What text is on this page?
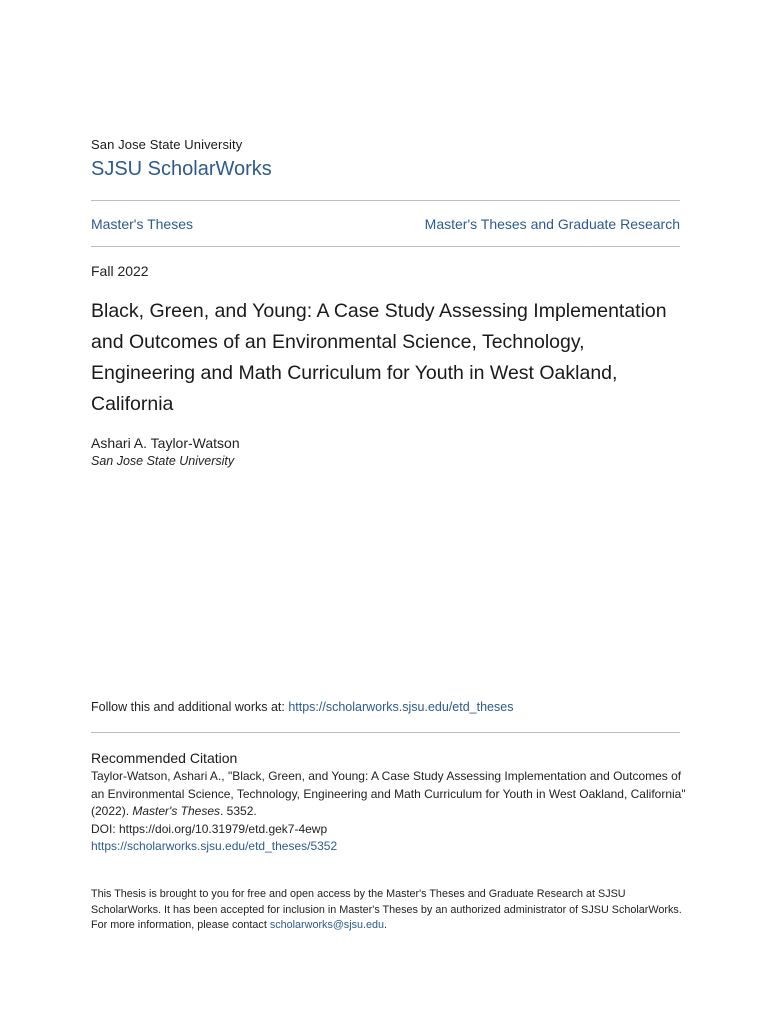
San Jose State University
SJSU ScholarWorks
Master's Theses	Master's Theses and Graduate Research
Fall 2022
Black, Green, and Young: A Case Study Assessing Implementation and Outcomes of an Environmental Science, Technology, Engineering and Math Curriculum for Youth in West Oakland, California
Ashari A. Taylor-Watson
San Jose State University
Follow this and additional works at: https://scholarworks.sjsu.edu/etd_theses
Recommended Citation
Taylor-Watson, Ashari A., "Black, Green, and Young: A Case Study Assessing Implementation and Outcomes of an Environmental Science, Technology, Engineering and Math Curriculum for Youth in West Oakland, California" (2022). Master's Theses. 5352.
DOI: https://doi.org/10.31979/etd.gek7-4ewp
https://scholarworks.sjsu.edu/etd_theses/5352
This Thesis is brought to you for free and open access by the Master's Theses and Graduate Research at SJSU ScholarWorks. It has been accepted for inclusion in Master's Theses by an authorized administrator of SJSU ScholarWorks. For more information, please contact scholarworks@sjsu.edu.
